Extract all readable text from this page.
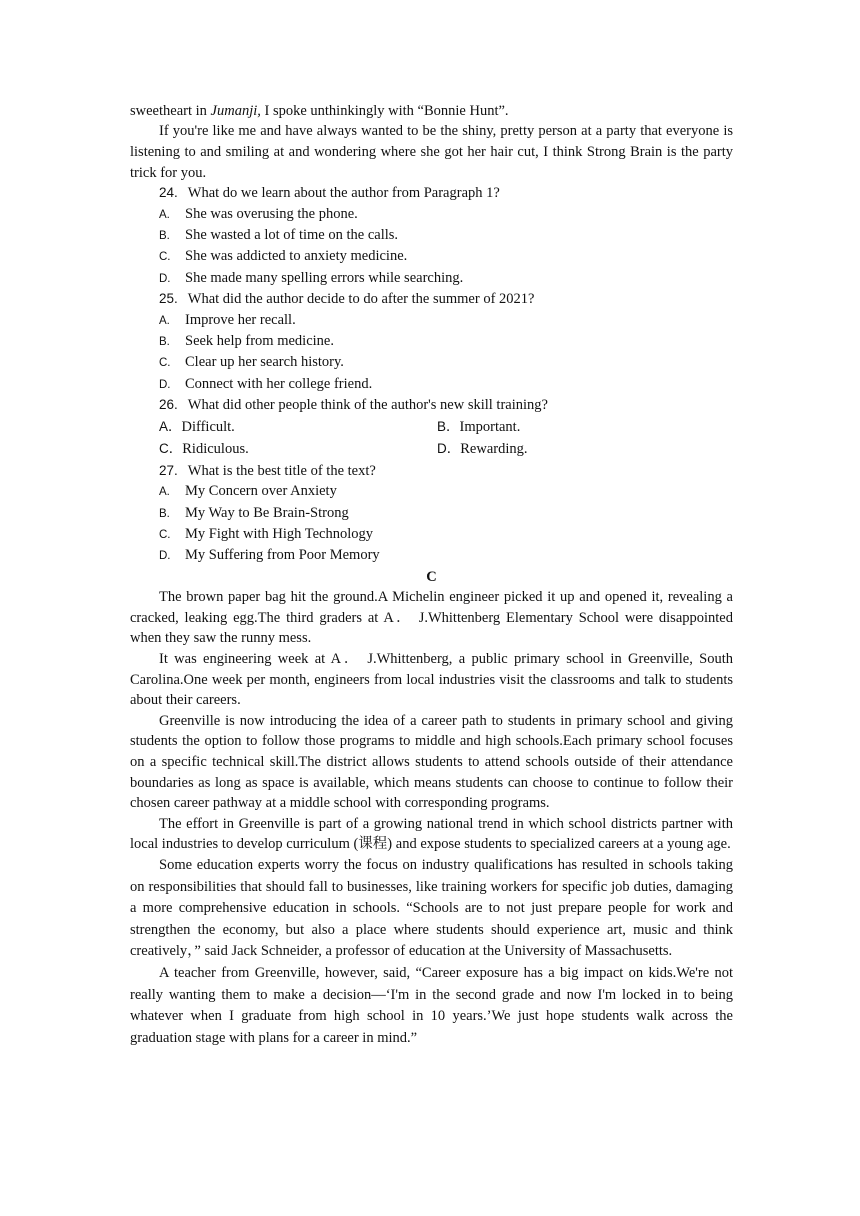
sweetheart in Jumanji, I spoke unthinkingly with “Bonnie Hunt”.

If you're like me and have always wanted to be the shiny, pretty person at a party that everyone is listening to and smiling at and wondering where she got her hair cut, I think Strong Brain is the party trick for you.

24. What do we learn about the author from Paragraph 1?
A. She was overusing the phone.
B. She wasted a lot of time on the calls.
C. She was addicted to anxiety medicine.
D. She made many spelling errors while searching.
25. What did the author decide to do after the summer of 2021?
A. Improve her recall.
B. Seek help from medicine.
C. Clear up her search history.
D. Connect with her college friend.
26. What did other people think of the author's new skill training?
A．Difficult.	B．Important.
C．Ridiculous.	D．Rewarding.
27. What is the best title of the text?
A. My Concern over Anxiety
B. My Way to Be Brain-Strong
C. My Fight with High Technology
D. My Suffering from Poor Memory
C

The brown paper bag hit the ground.A Michelin engineer picked it up and opened it, revealing a cracked, leaking egg.The third graders at A． J.Whittenberg Elementary School were disappointed when they saw the runny mess.

It was engineering week at A． J.Whittenberg, a public primary school in Greenville, South Carolina.One week per month, engineers from local industries visit the classrooms and talk to students about their careers.

Greenville is now introducing the idea of a career path to students in primary school and giving students the option to follow those programs to middle and high schools.Each primary school focuses on a specific technical skill.The district allows students to attend schools outside of their attendance boundaries as long as space is available, which means students can choose to continue to follow their chosen career pathway at a middle school with corresponding programs.

The effort in Greenville is part of a growing national trend in which school districts partner with local industries to develop curriculum (课程) and expose students to specialized careers at a young age.

Some education experts worry the focus on industry qualifications has resulted in schools taking on responsibilities that should fall to businesses, like training workers for specific job duties, damaging a more comprehensive education in schools. “Schools are to not just prepare people for work and strengthen the economy, but also a place where students should experience art, music and think creatively，” said Jack Schneider, a professor of education at the University of Massachusetts.

A teacher from Greenville, however, said, “Career exposure has a big impact on kids.We're not really wanting them to make a decision—‘I'm in the second grade and now I'm locked in to being whatever when I graduate from high school in 10 years.’We just hope students walk across the graduation stage with plans for a career in mind.”
